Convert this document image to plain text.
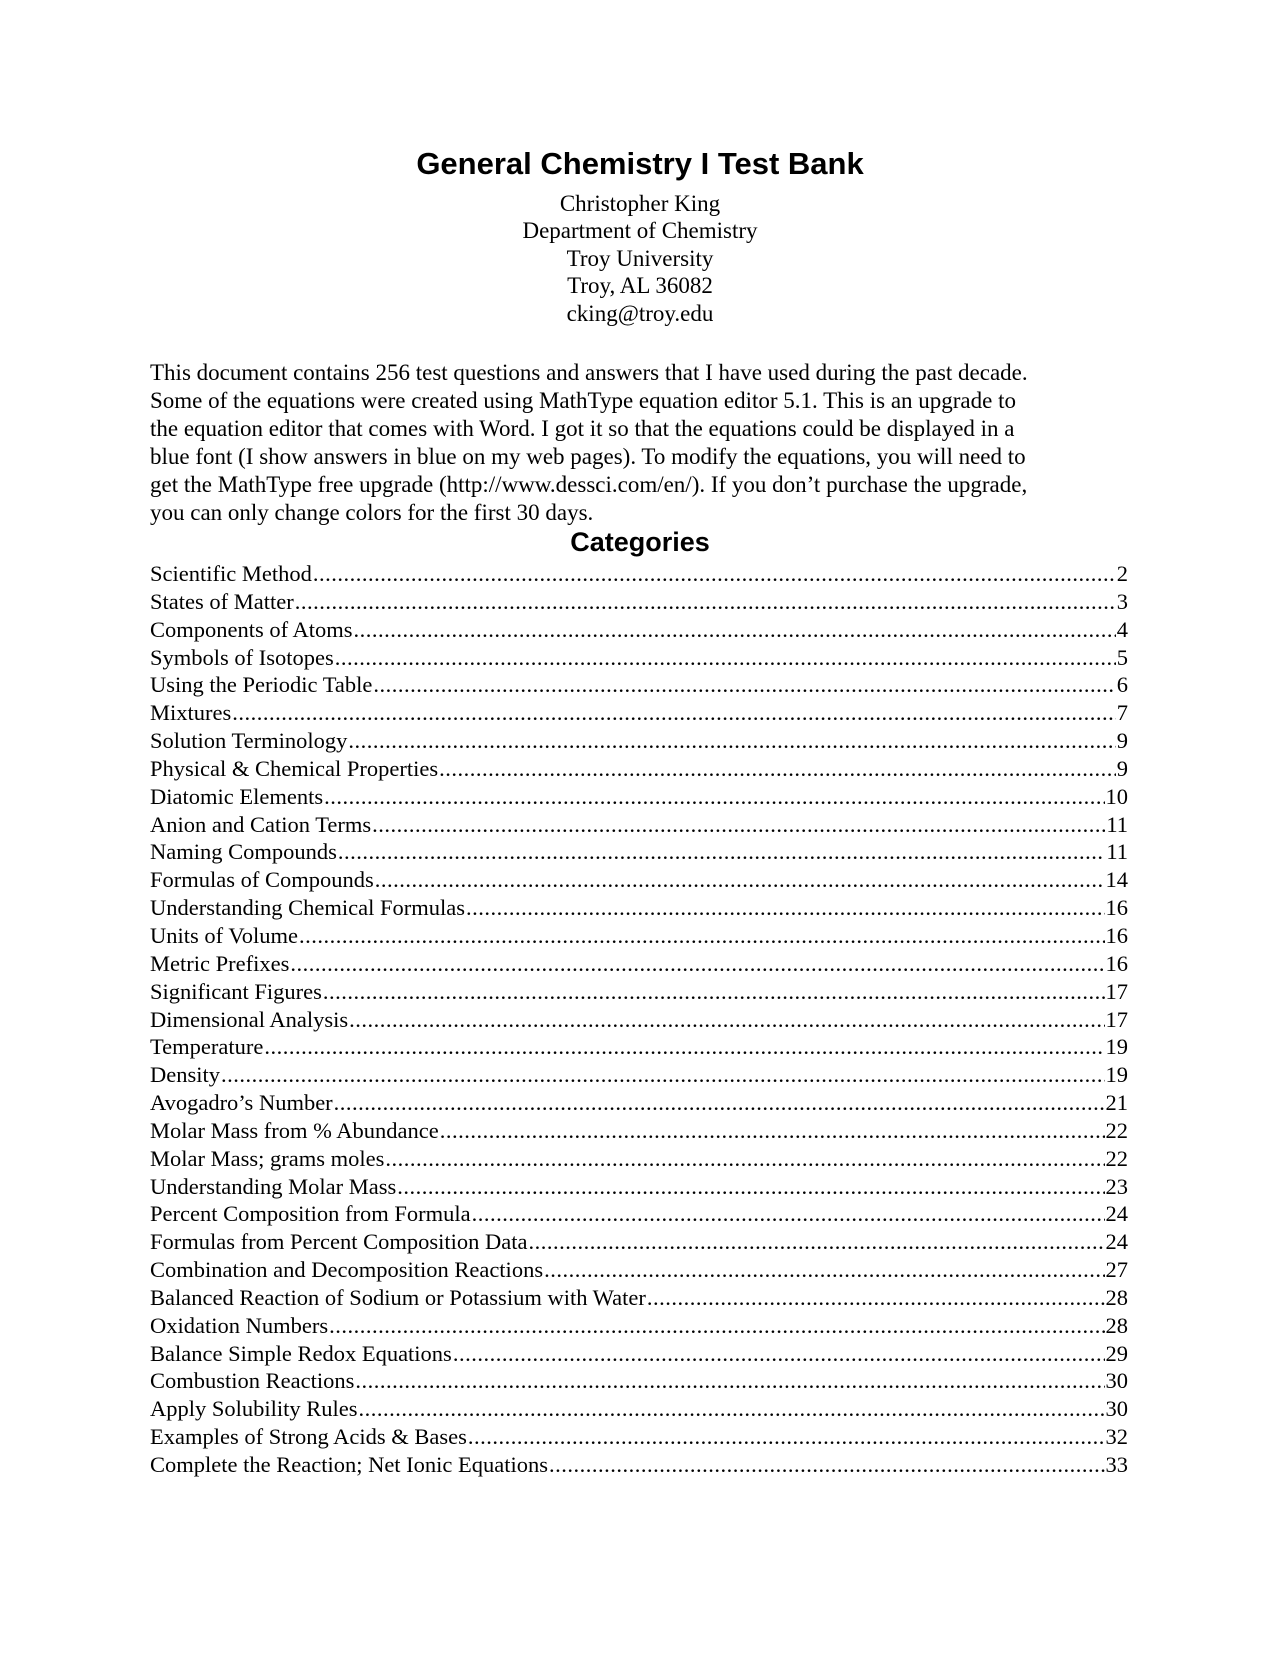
General Chemistry I Test Bank
Christopher King
Department of Chemistry
Troy University
Troy, AL 36082
cking@troy.edu
This document contains 256 test questions and answers that I have used during the past decade.
Some of the equations were created using MathType equation editor 5.1. This is an upgrade to
the equation editor that comes with Word. I got it so that the equations could be displayed in a
blue font (I show answers in blue on my web pages). To modify the equations, you will need to
get the MathType free upgrade (http://www.dessci.com/en/). If you don’t purchase the upgrade,
you can only change colors for the first 30 days.
Categories
Scientific Method .....	2
States of Matter .....	3
Components of Atoms .....	4
Symbols of Isotopes .....	5
Using the Periodic Table .....	6
Mixtures .....	7
Solution Terminology .....	9
Physical & Chemical Properties .....	9
Diatomic Elements .....	10
Anion and Cation Terms .....	11
Naming Compounds .....	11
Formulas of Compounds .....	14
Understanding Chemical Formulas .....	16
Units of Volume .....	16
Metric Prefixes .....	16
Significant Figures .....	17
Dimensional Analysis .....	17
Temperature .....	19
Density .....	19
Avogadro’s Number .....	21
Molar Mass from % Abundance .....	22
Molar Mass; grams moles .....	22
Understanding Molar Mass .....	23
Percent Composition from Formula .....	24
Formulas from Percent Composition Data .....	24
Combination and Decomposition Reactions .....	27
Balanced Reaction of Sodium or Potassium with Water .....	28
Oxidation Numbers .....	28
Balance Simple Redox Equations .....	29
Combustion Reactions .....	30
Apply Solubility Rules .....	30
Examples of Strong Acids & Bases .....	32
Complete the Reaction; Net Ionic Equations .....	33
